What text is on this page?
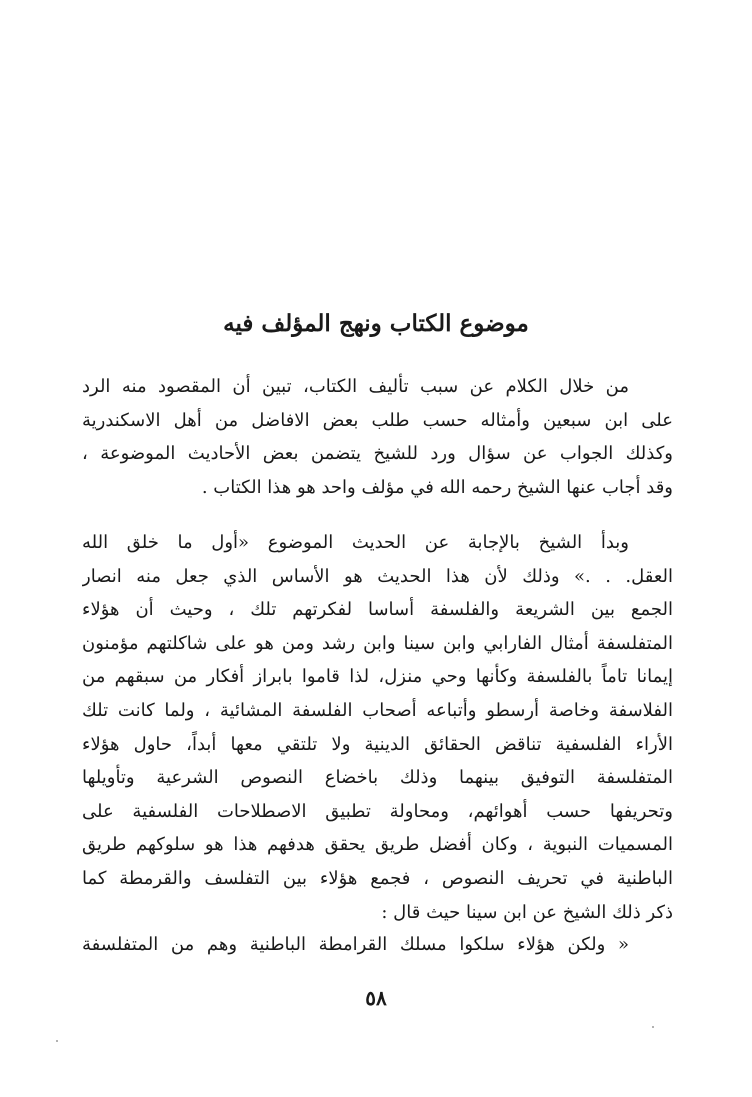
موضوع الكتاب ونهج المؤلف فيه
من خلال الكلام عن سبب تأليف الكتاب، تبين أن المقصود منه الرد
على ابن سبعين وأمثاله حسب طلب بعض الافاضل من أهل الاسكندرية
وكذلك الجواب عن سؤال ورد للشيخ يتضمن بعض الأحاديث الموضوعة ،
وقد أجاب عنها الشيخ رحمه الله في مؤلف واحد هو هذا الكتاب .
وبدأ الشيخ بالإجابة عن الحديث الموضوع «أول ما خلق الله
العقل. . .» وذلك لأن هذا الحديث هو الأساس الذي جعل منه انصار
الجمع بين الشريعة والفلسفة أساسا لفكرتهم تلك ، وحيث أن هؤلاء
المتفلسفة أمثال الفارابي وابن سينا وابن رشد ومن هو على شاكلتهم مؤمنون
إيمانا تاماً بالفلسفة وكأنها وحي منزل، لذا قاموا بابراز أفكار من سبقهم من
الفلاسفة وخاصة أرسطو وأتباعه أصحاب الفلسفة المشائية ، ولما كانت تلك
الأراء الفلسفية تناقض الحقائق الدينية ولا تلتقي معها أبداً، حاول هؤلاء
المتفلسفة التوفيق بينهما وذلك باخضاع النصوص الشرعية وتأويلها
وتحريفها حسب أهوائهم، ومحاولة تطبيق الاصطلاحات الفلسفية على
المسميات النبوية ، وكان أفضل طريق يحقق هدفهم هذا هو سلوكهم طريق
الباطنية في تحريف النصوص ، فجمع هؤلاء بين التفلسف والقرمطة كما
ذكر ذلك الشيخ عن ابن سينا حيث قال :
« ولكن هؤلاء سلكوا مسلك القرامطة الباطنية وهم من المتفلسفة
٥٨
